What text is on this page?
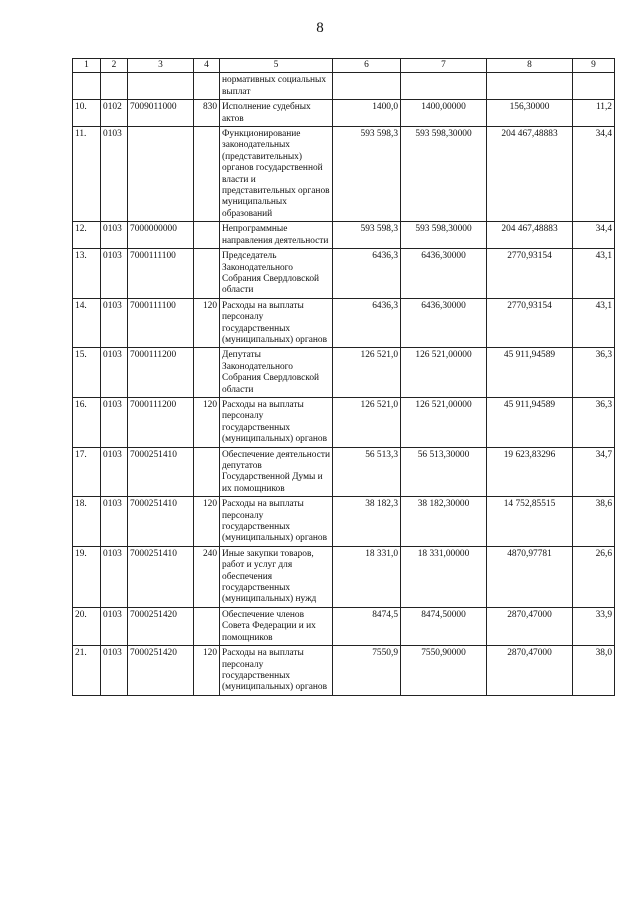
8
1	2	3	4	5	6	7	8	9
				нормативных социальных выплат				
10.	0102	7009011000	830	Исполнение судебных актов	1400,0	1400,00000	156,30000	11,2
11.	0103			Функционирование законодательных (представительных) органов государственной власти и представительных органов муниципальных образований	593 598,3	593 598,30000	204 467,48883	34,4
12.	0103	7000000000		Непрограммные направления деятельности	593 598,3	593 598,30000	204 467,48883	34,4
13.	0103	7000111100		Председатель Законодательного Собрания Свердловской области	6436,3	6436,30000	2770,93154	43,1
14.	0103	7000111100	120	Расходы на выплаты персоналу государственных (муниципальных) органов	6436,3	6436,30000	2770,93154	43,1
15.	0103	7000111200		Депутаты Законодательного Собрания Свердловской области	126 521,0	126 521,00000	45 911,94589	36,3
16.	0103	7000111200	120	Расходы на выплаты персоналу государственных (муниципальных) органов	126 521,0	126 521,00000	45 911,94589	36,3
17.	0103	7000251410		Обеспечение деятельности депутатов Государственной Думы и их помощников	56 513,3	56 513,30000	19 623,83296	34,7
18.	0103	7000251410	120	Расходы на выплаты персоналу государственных (муниципальных) органов	38 182,3	38 182,30000	14 752,85515	38,6
19.	0103	7000251410	240	Иные закупки товаров, работ и услуг для обеспечения государственных (муниципальных) нужд	18 331,0	18 331,00000	4870,97781	26,6
20.	0103	7000251420		Обеспечение членов Совета Федерации и их помощников	8474,5	8474,50000	2870,47000	33,9
21.	0103	7000251420	120	Расходы на выплаты персоналу государственных (муниципальных) органов	7550,9	7550,90000	2870,47000	38,0
